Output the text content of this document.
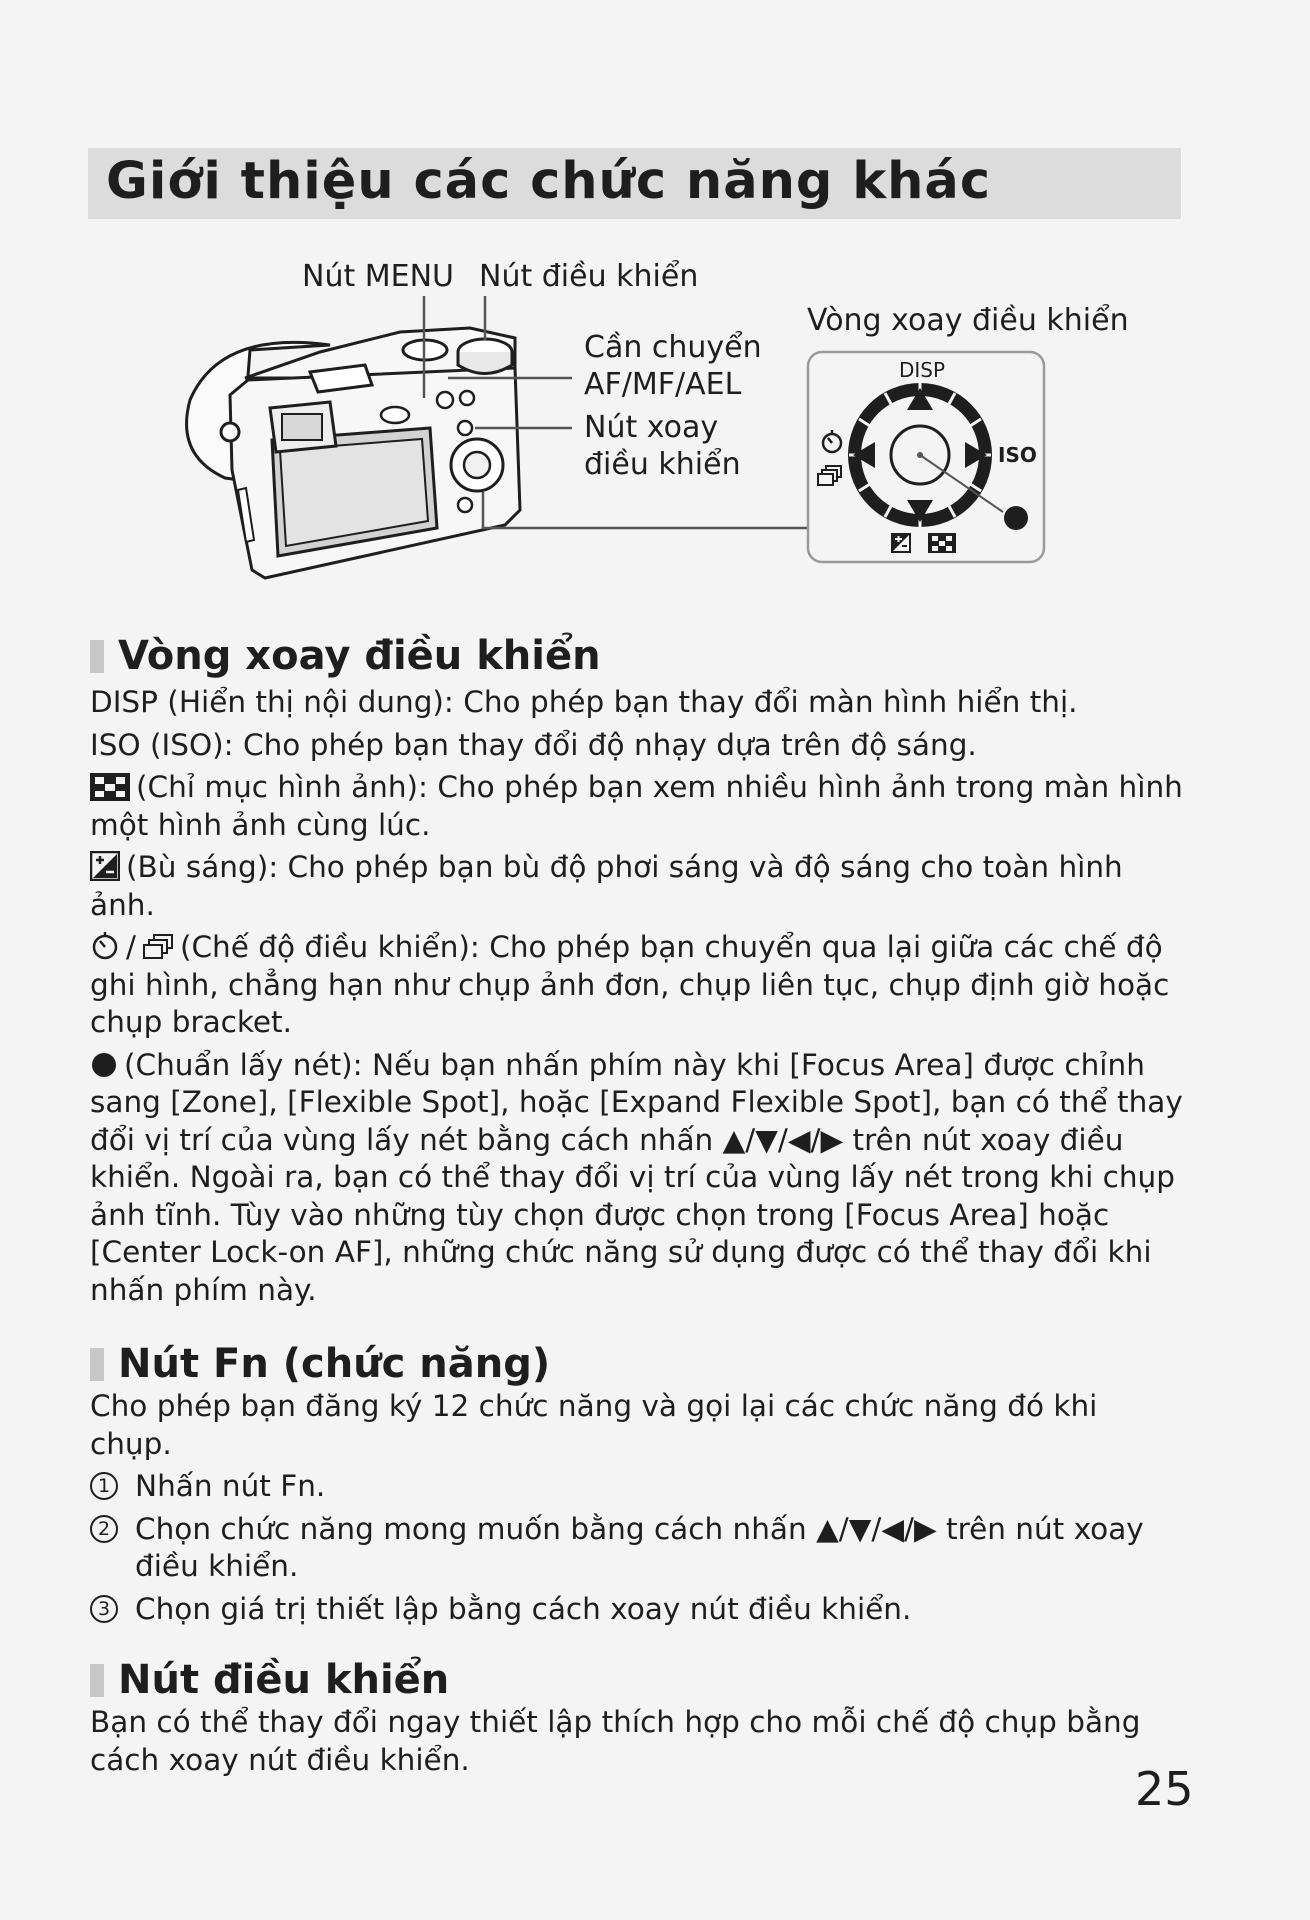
Giới thiệu các chức năng khác
Nút MENU Nút điều khiển
Cần chuyển
AF/MF/AEL
Nút xoay
điều khiển
Vòng xoay điều khiển
DISP
ISO
Vòng xoay điều khiển

DISP (Hiển thị nội dung): Cho phép bạn thay đổi màn hình hiển thị.

ISO (ISO): Cho phép bạn thay đổi độ nhạy dựa trên độ sáng.

(Chỉ mục hình ảnh): Cho phép bạn xem nhiều hình ảnh trong màn hình một hình ảnh cùng lúc.

(Bù sáng): Cho phép bạn bù độ phơi sáng và độ sáng cho toàn hình ảnh.

/ (Chế độ điều khiển): Cho phép bạn chuyển qua lại giữa các chế độ ghi hình, chẳng hạn như chụp ảnh đơn, chụp liên tục, chụp định giờ hoặc chụp bracket.

(Chuẩn lấy nét): Nếu bạn nhấn phím này khi [Focus Area] được chỉnh sang [Zone], [Flexible Spot], hoặc [Expand Flexible Spot], bạn có thể thay đổi vị trí của vùng lấy nét bằng cách nhấn ▲/▼/◀/▶ trên nút xoay điều khiển. Ngoài ra, bạn có thể thay đổi vị trí của vùng lấy nét trong khi chụp ảnh tĩnh. Tùy vào những tùy chọn được chọn trong [Focus Area] hoặc [Center Lock-on AF], những chức năng sử dụng được có thể thay đổi khi nhấn phím này.

Nút Fn (chức năng)

Cho phép bạn đăng ký 12 chức năng và gọi lại các chức năng đó khi chụp.

1 Nhấn nút Fn.

2 Chọn chức năng mong muốn bằng cách nhấn ▲/▼/◀/▶ trên nút xoay điều khiển.

3 Chọn giá trị thiết lập bằng cách xoay nút điều khiển.

Nút điều khiển

Bạn có thể thay đổi ngay thiết lập thích hợp cho mỗi chế độ chụp bằng cách xoay nút điều khiển.

25
